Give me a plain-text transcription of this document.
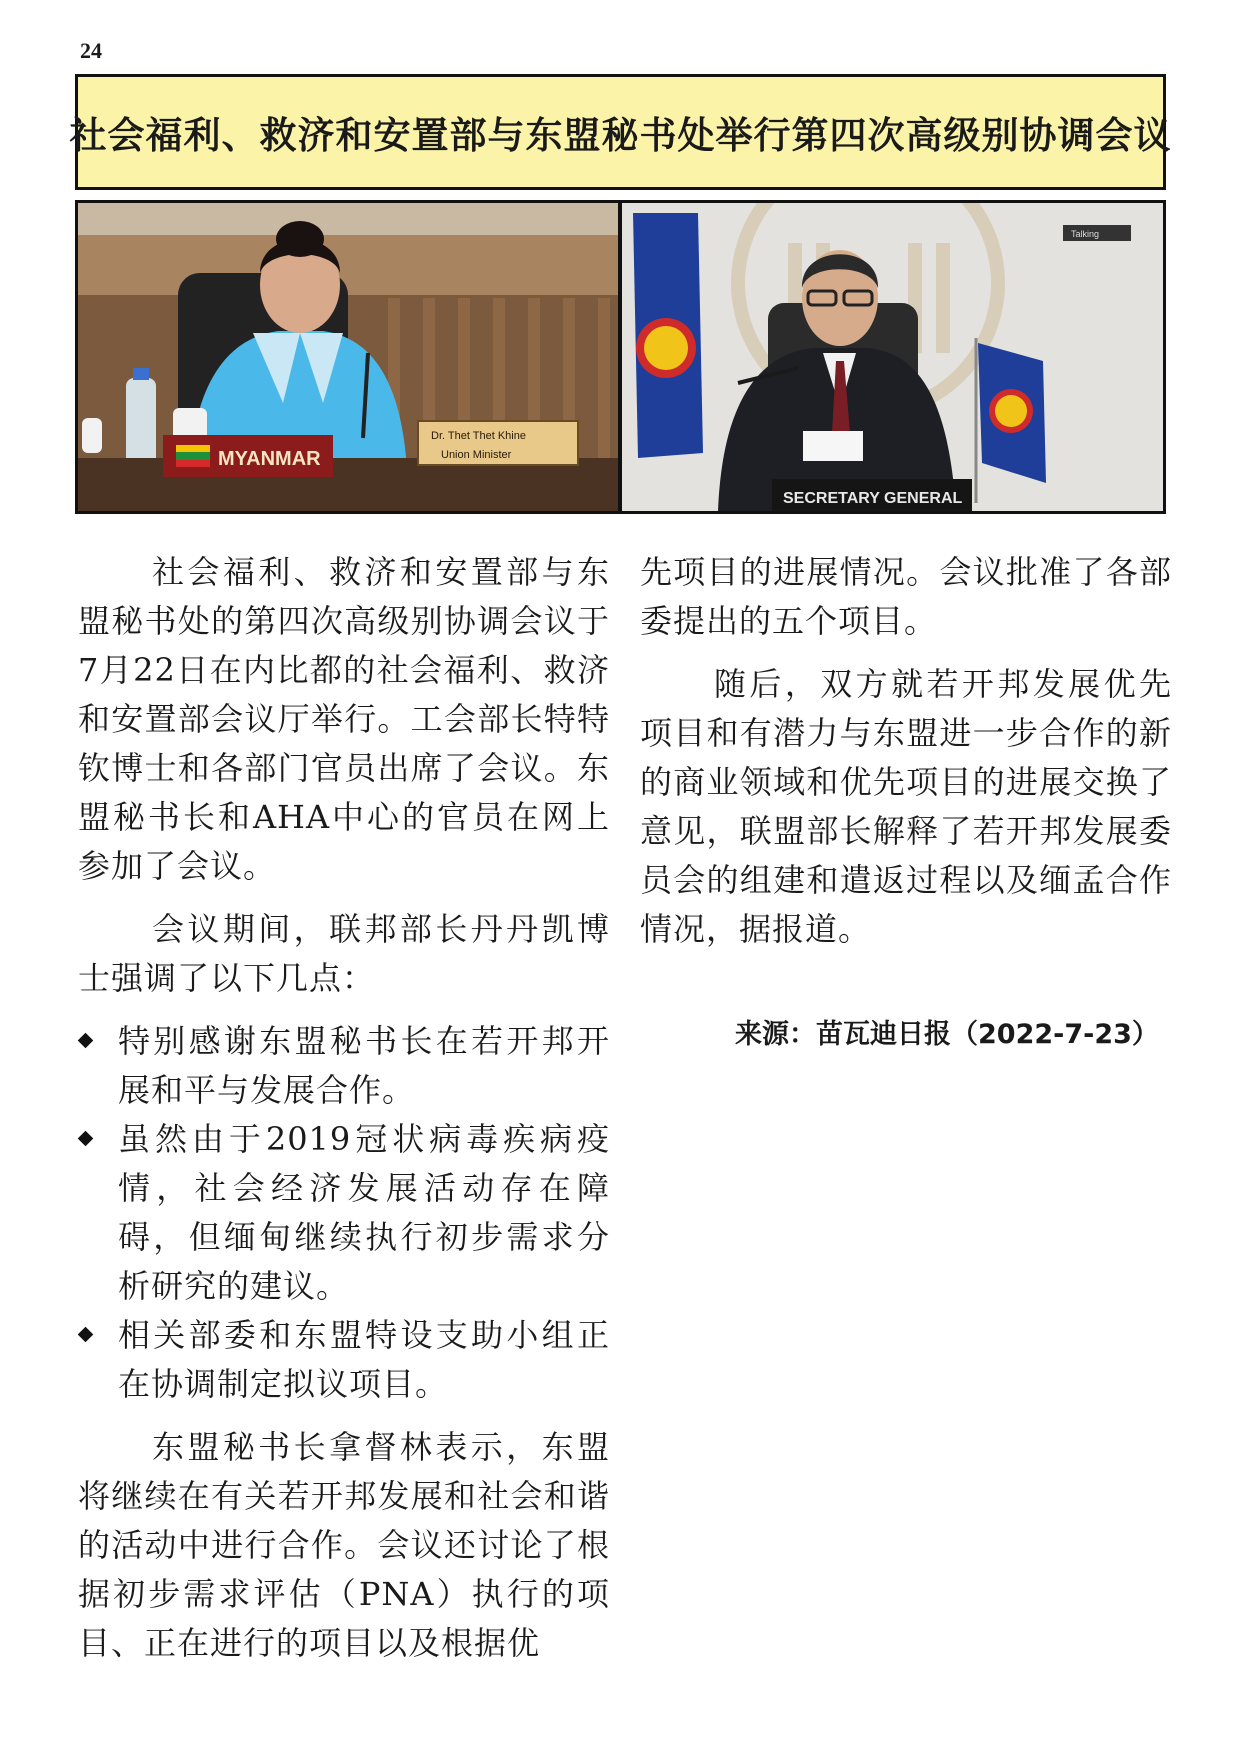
24
社会福利、救济和安置部与东盟秘书处举行第四次高级别协调会议
MYANMAR
Dr. Thet Thet Khine
Union Minister
Talking
SECRETARY GENERAL

社会福利、救济和安置部与东盟秘书处的第四次高级别协调会议于7月22日在内比都的社会福利、救济和安置部会议厅举行。工会部长特特钦博士和各部门官员出席了会议。东盟秘书长和AHA中心的官员在网上参加了会议。

会议期间，联邦部长丹丹凯博士强调了以下几点：

特别感谢东盟秘书长在若开邦开展和平与发展合作。
虽然由于2019冠状病毒疾病疫情，社会经济发展活动存在障碍，但缅甸继续执行初步需求分析研究的建议。
相关部委和东盟特设支助小组正在协调制定拟议项目。

东盟秘书长拿督林表示，东盟将继续在有关若开邦发展和社会和谐的活动中进行合作。会议还讨论了根据初步需求评估（PNA）执行的项目、正在进行的项目以及根据优

先项目的进展情况。会议批准了各部委提出的五个项目。

随后，双方就若开邦发展优先项目和有潜力与东盟进一步合作的新的商业领域和优先项目的进展交换了意见，联盟部长解释了若开邦发展委员会的组建和遣返过程以及缅孟合作情况，据报道。

来源：苗瓦迪日报（2022-7-23）
